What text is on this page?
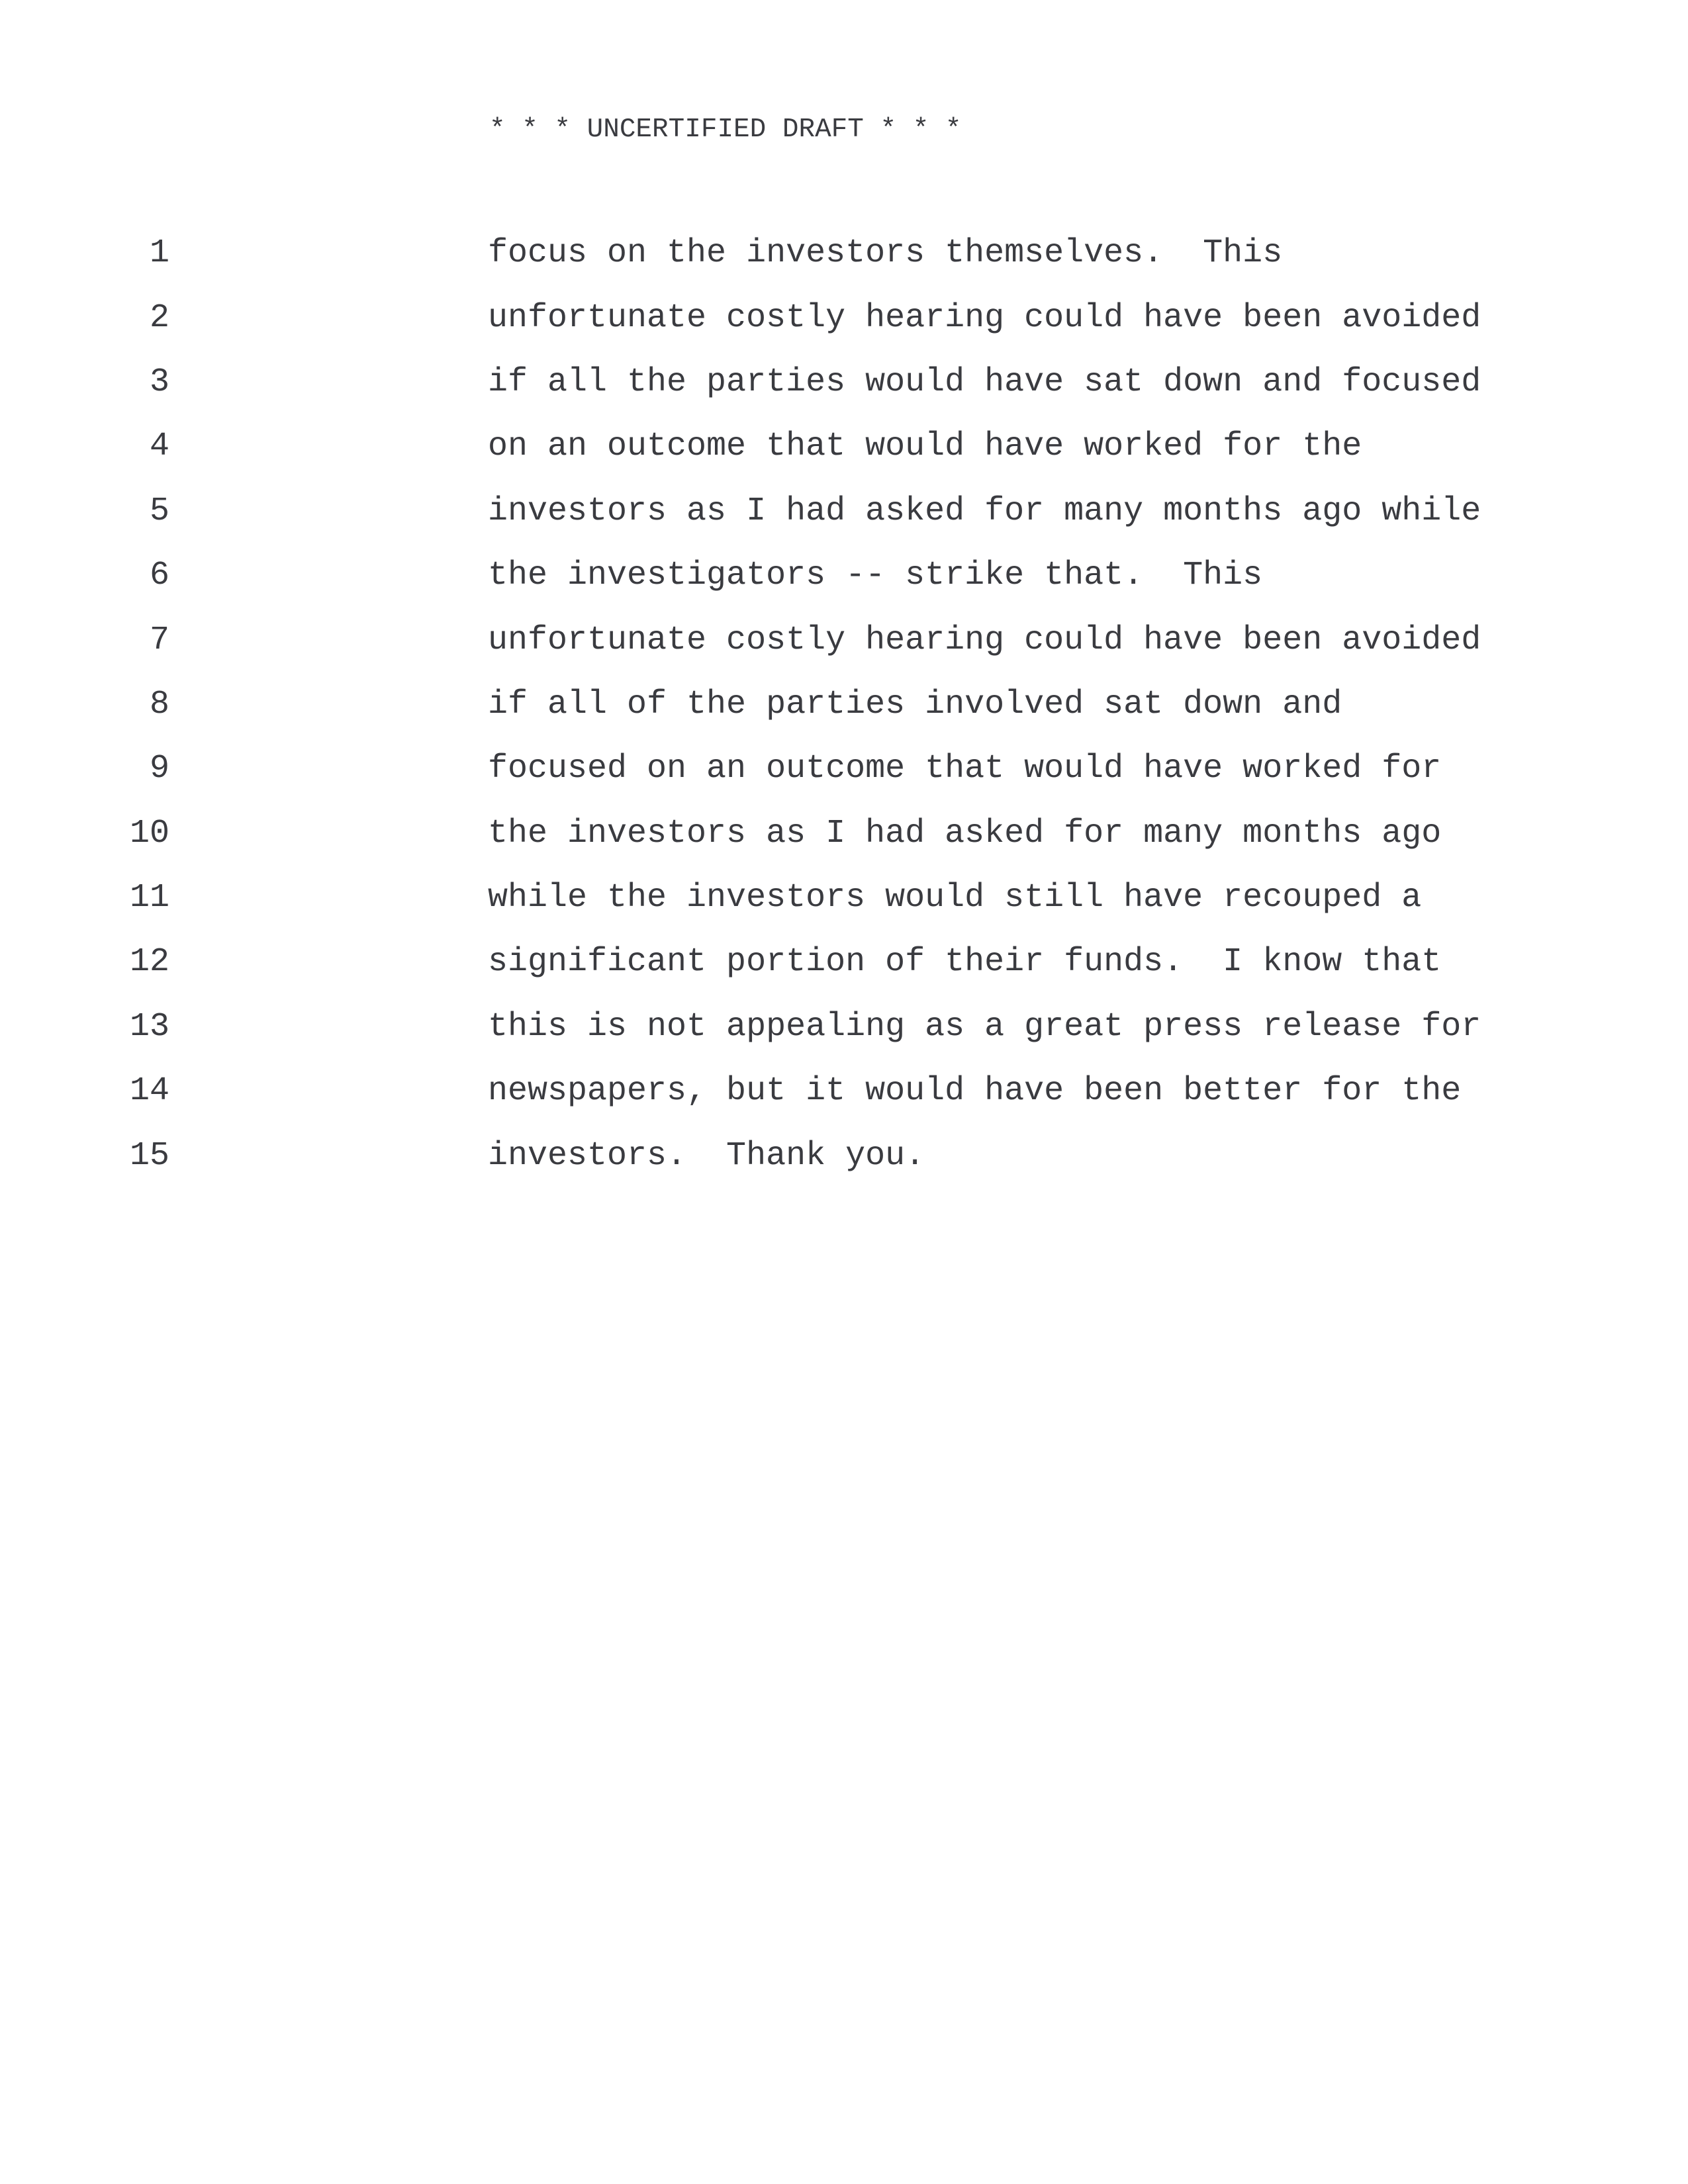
* * * UNCERTIFIED DRAFT * * *
1	focus on the investors themselves.  This
2	unfortunate costly hearing could have been avoided
3	if all the parties would have sat down and focused
4	on an outcome that would have worked for the
5	investors as I had asked for many months ago while
6	the investigators -- strike that.  This
7	unfortunate costly hearing could have been avoided
8	if all of the parties involved sat down and
9	focused on an outcome that would have worked for
10	the investors as I had asked for many months ago
11	while the investors would still have recouped a
12	significant portion of their funds.  I know that
13	this is not appealing as a great press release for
14	newspapers, but it would have been better for the
15	investors.  Thank you.
